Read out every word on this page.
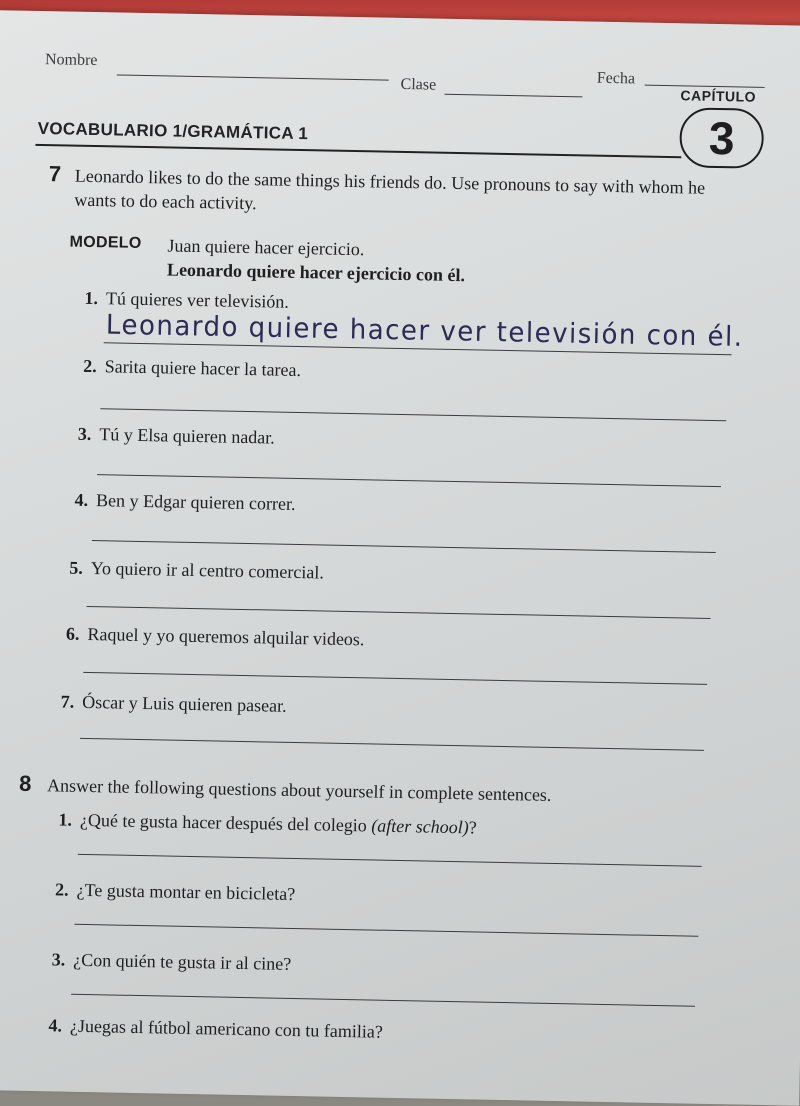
Nombre
Clase	Fecha
CAPÍTULO
3
VOCABULARIO 1/GRAMÁTICA 1
7 Leonardo likes to do the same things his friends do. Use pronouns to say with whom he wants to do each activity.
MODELO Juan quiere hacer ejercicio.
Leonardo quiere hacer ejercicio con él.
1. Tú quieres ver televisión.
Leonardo quiere hacer ver televisión con él.
2. Sarita quiere hacer la tarea.
3. Tú y Elsa quieren nadar.
4. Ben y Edgar quieren correr.
5. Yo quiero ir al centro comercial.
6. Raquel y yo queremos alquilar videos.
7. Óscar y Luis quieren pasear.
8 Answer the following questions about yourself in complete sentences.
1. ¿Qué te gusta hacer después del colegio (after school)?
2. ¿Te gusta montar en bicicleta?
3. ¿Con quién te gusta ir al cine?
4. ¿Juegas al fútbol americano con tu familia?
